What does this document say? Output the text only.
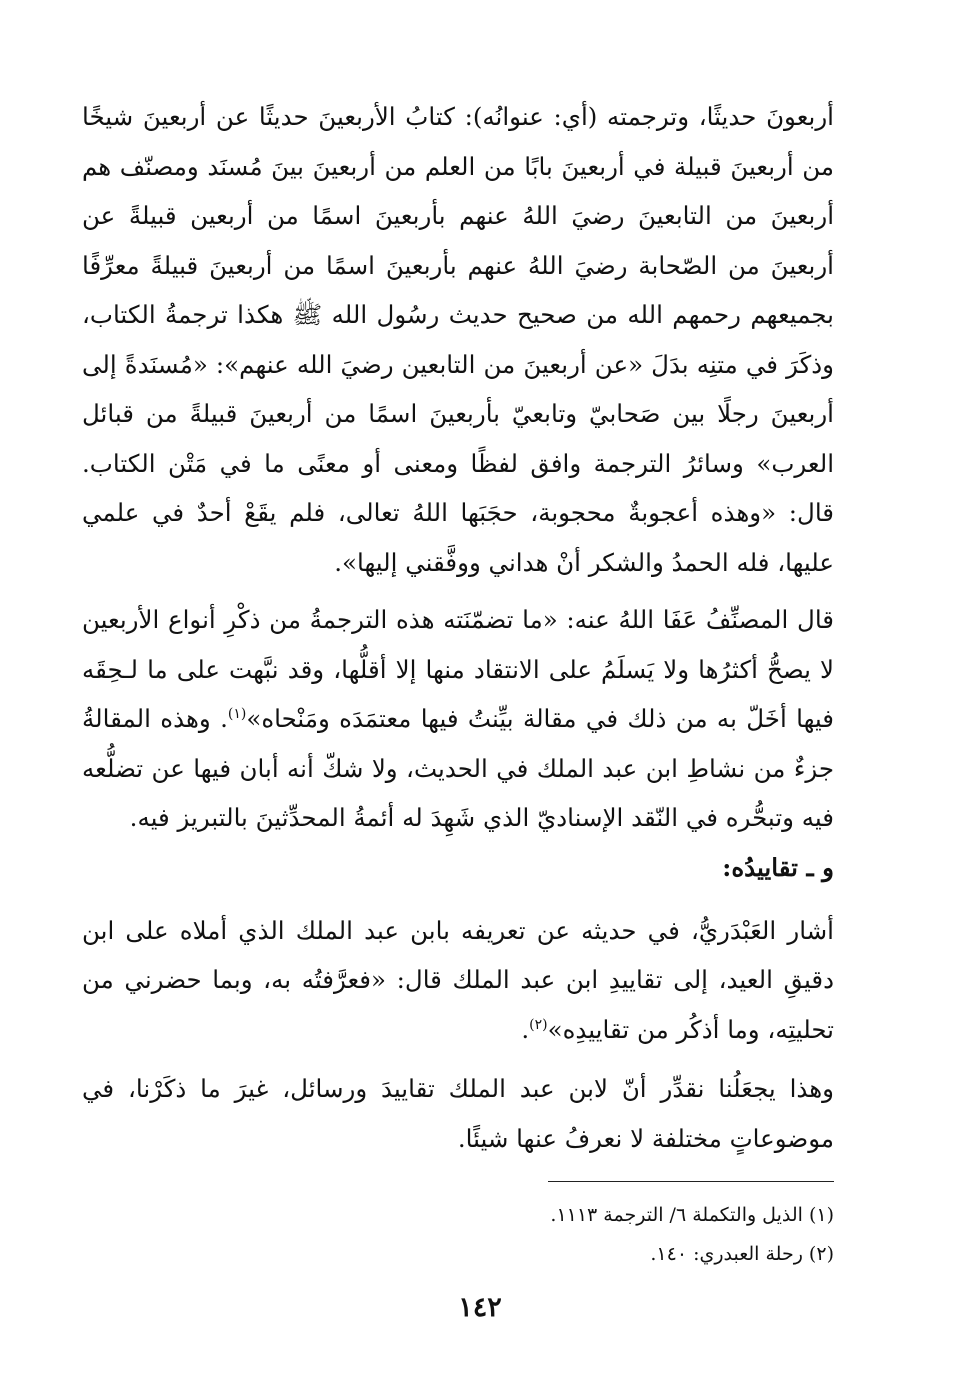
أربعونَ حديثًا، وترجمته (أي: عنوانُه): كتابُ الأربعينَ حديثًا عن أربعينَ شيخًا من أربعينَ قبيلة في أربعينَ بابًا من العلم من أربعينَ بينَ مُسنَد ومصنّف هم أربعينَ من التابعينَ رضيَ اللهُ عنهم بأربعينَ اسمًا من أربعين قبيلةً عن أربعينَ من الصّحابة رضيَ اللهُ عنهم بأربعينَ اسمًا من أربعينَ قبيلةً معرِّفًا بجميعهم رحمهم الله من صحيح حديث رسُول الله ﷺ هكذا ترجمةُ الكتاب، وذكَرَ في متنِه بدَلَ «عن أربعينَ من التابعين رضيَ الله عنهم»: «مُسنَدةً إلى أربعينَ رجلًا بين صَحابيّ وتابعيّ بأربعينَ اسمًا من أربعينَ قبيلةً من قبائل العرب» وسائرُ الترجمة وافق لفظًا ومعنى أو معنًى ما في مَتْن الكتاب. قال: «وهذه أعجوبةٌ محجوبة، حجَبَها اللهُ تعالى، فلم يقَعْ أحدٌ في علمي عليها، فله الحمدُ والشكر أنْ هداني ووفَّقني إليها».

قال المصنِّفُ عَفَا اللهُ عنه: «ما تضمّنَته هذه الترجمةُ من ذكْرِ أنواع الأربعين لا يصحُّ أكثرُها ولا يَسلَمُ على الانتقاد منها إلا أقلُّها، وقد نبَّهت على ما لـحِقَه فيها أخَلّ به من ذلك في مقالة بيِّنتُ فيها معتمَدَه ومَنْحاه»$^{(١)}$. وهذه المقالةُ جزءٌ من نشاطِ ابن عبد الملك في الحديث، ولا شكّ أنه أبان فيها عن تضلُّعه فيه وتبحُّره في النّقد الإسناديّ الذي شَهِدَ له أئمةُ المحدِّثينَ بالتبريز فيه.

و ـ تقاييدُه:

أشار العَبْدَريُّ، في حديثه عن تعريفه بابن عبد الملك الذي أملاه على ابن دقيقِ العيد، إلى تقاييدِ ابن عبد الملك قال: «فعرَّفتُه به، وبما حضرني من تحليتِه، وما أذكُر من تقاييدِه»$^{(٢)}$.

وهذا يجعَلُنا نقدِّر أنّ لابن عبد الملك تقاييدَ ورسائل، غيرَ ما ذكَرْنا، في موضوعاتٍ مختلفة لا نعرفُ عنها شيئًا.

(١) الذيل والتكملة ٦/ الترجمة ١١١٣.
(٢) رحلة العبدري: ١٤٠.
١٤٢
